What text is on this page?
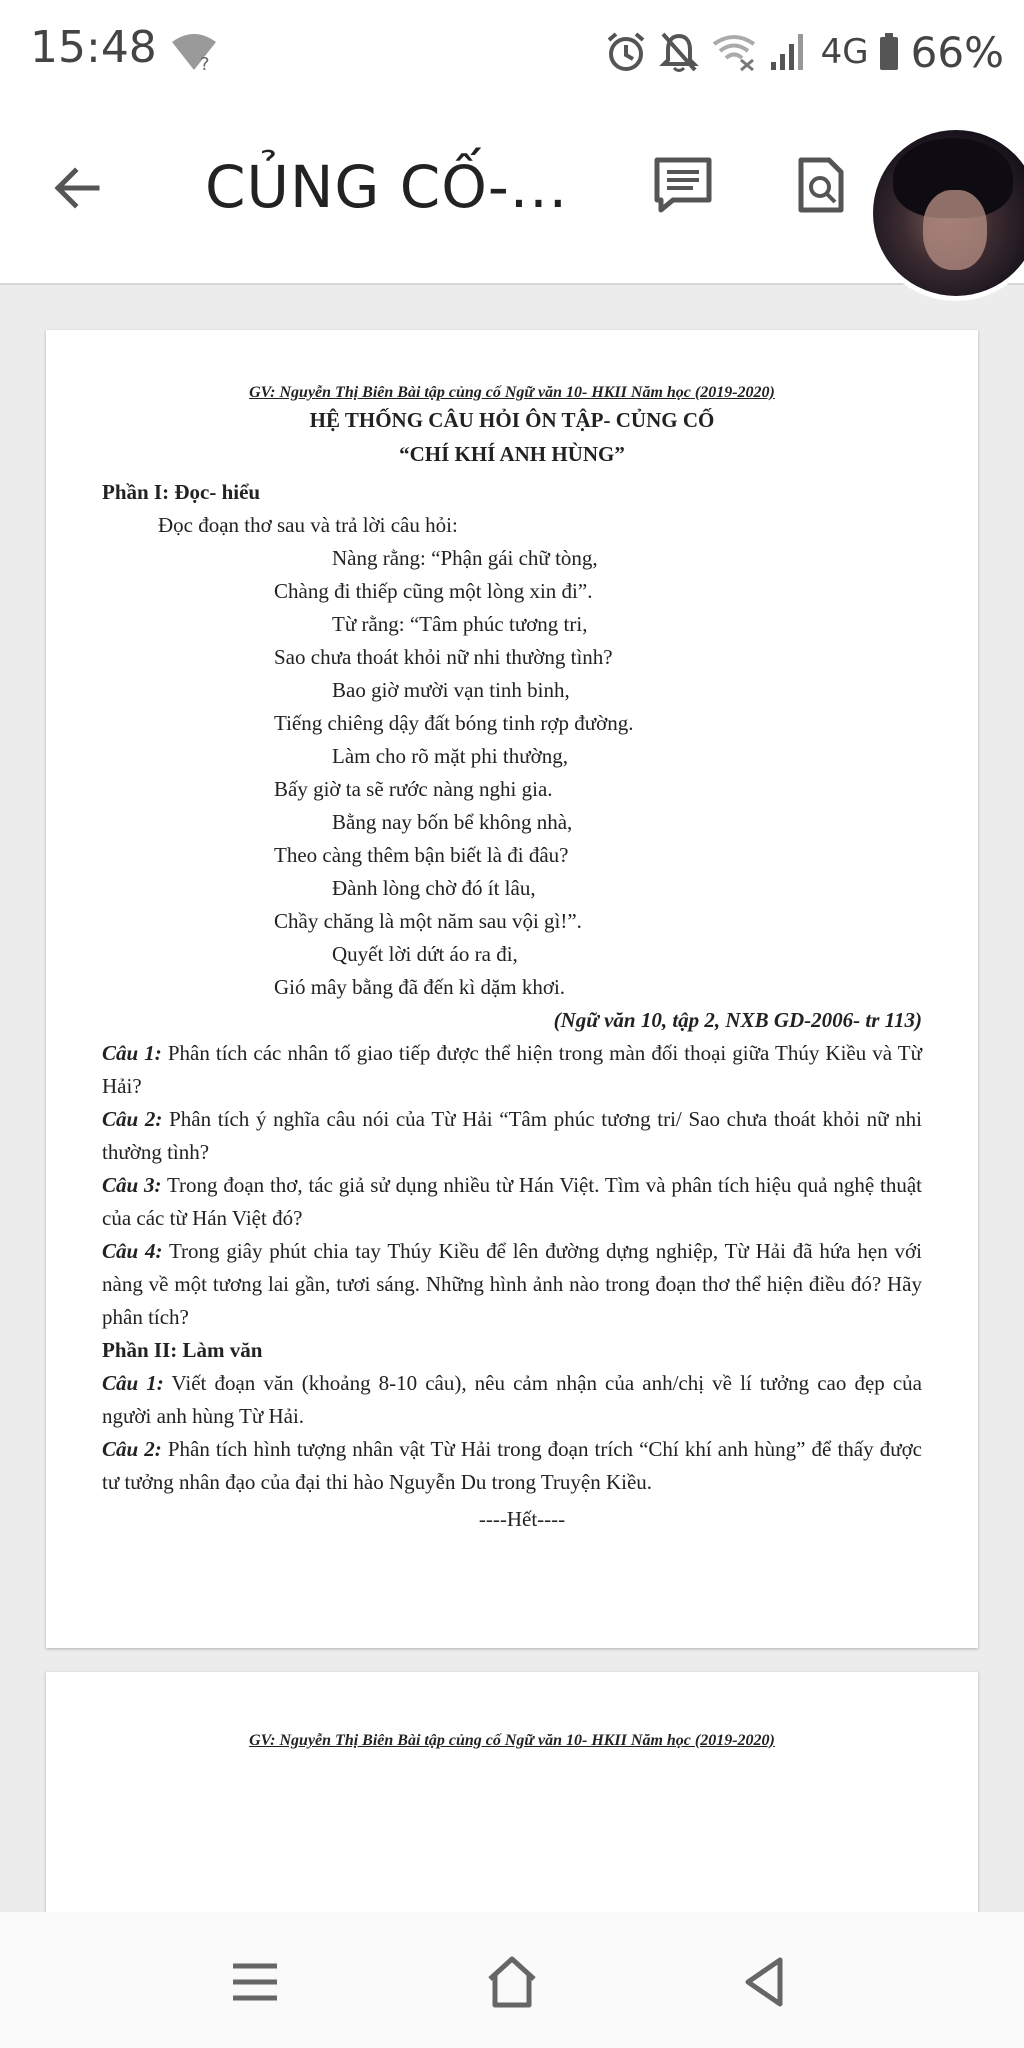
15:48 ?	4G 66%
CỦNG CỐ-...
GV: Nguyễn Thị Biên Bài tập củng cố Ngữ văn 10- HKII Năm học (2019-2020)
HỆ THỐNG CÂU HỎI ÔN TẬP- CỦNG CỐ
“CHÍ KHÍ ANH HÙNG”
Phần I: Đọc- hiểu
Đọc đoạn thơ sau và trả lời câu hỏi:
Nàng rằng: “Phận gái chữ tòng,
Chàng đi thiếp cũng một lòng xin đi”.
Từ rằng: “Tâm phúc tương tri,
Sao chưa thoát khỏi nữ nhi thường tình?
Bao giờ mười vạn tinh binh,
Tiếng chiêng dậy đất bóng tinh rợp đường.
Làm cho rõ mặt phi thường,
Bấy giờ ta sẽ rước nàng nghi gia.
Bằng nay bốn bể không nhà,
Theo càng thêm bận biết là đi đâu?
Đành lòng chờ đó ít lâu,
Chầy chăng là một năm sau vội gì!”.
Quyết lời dứt áo ra đi,
Gió mây bằng đã đến kì dặm khơi.
(Ngữ văn 10, tập 2, NXB GD-2006- tr 113)
Câu 1: Phân tích các nhân tố giao tiếp được thể hiện trong màn đối thoại giữa Thúy Kiều và Từ Hải?
Câu 2: Phân tích ý nghĩa câu nói của Từ Hải “Tâm phúc tương tri/ Sao chưa thoát khỏi nữ nhi thường tình?
Câu 3: Trong đoạn thơ, tác giả sử dụng nhiều từ Hán Việt. Tìm và phân tích hiệu quả nghệ thuật của các từ Hán Việt đó?
Câu 4: Trong giây phút chia tay Thúy Kiều để lên đường dựng nghiệp, Từ Hải đã hứa hẹn với nàng về một tương lai gần, tươi sáng. Những hình ảnh nào trong đoạn thơ thể hiện điều đó? Hãy phân tích?
Phần II: Làm văn
Câu 1: Viết đoạn văn (khoảng 8-10 câu), nêu cảm nhận của anh/chị về lí tưởng cao đẹp của người anh hùng Từ Hải.
Câu 2: Phân tích hình tượng nhân vật Từ Hải trong đoạn trích “Chí khí anh hùng” để thấy được tư tưởng nhân đạo của đại thi hào Nguyễn Du trong Truyện Kiều.
----Hết----
GV: Nguyễn Thị Biên Bài tập củng cố Ngữ văn 10- HKII Năm học (2019-2020)
